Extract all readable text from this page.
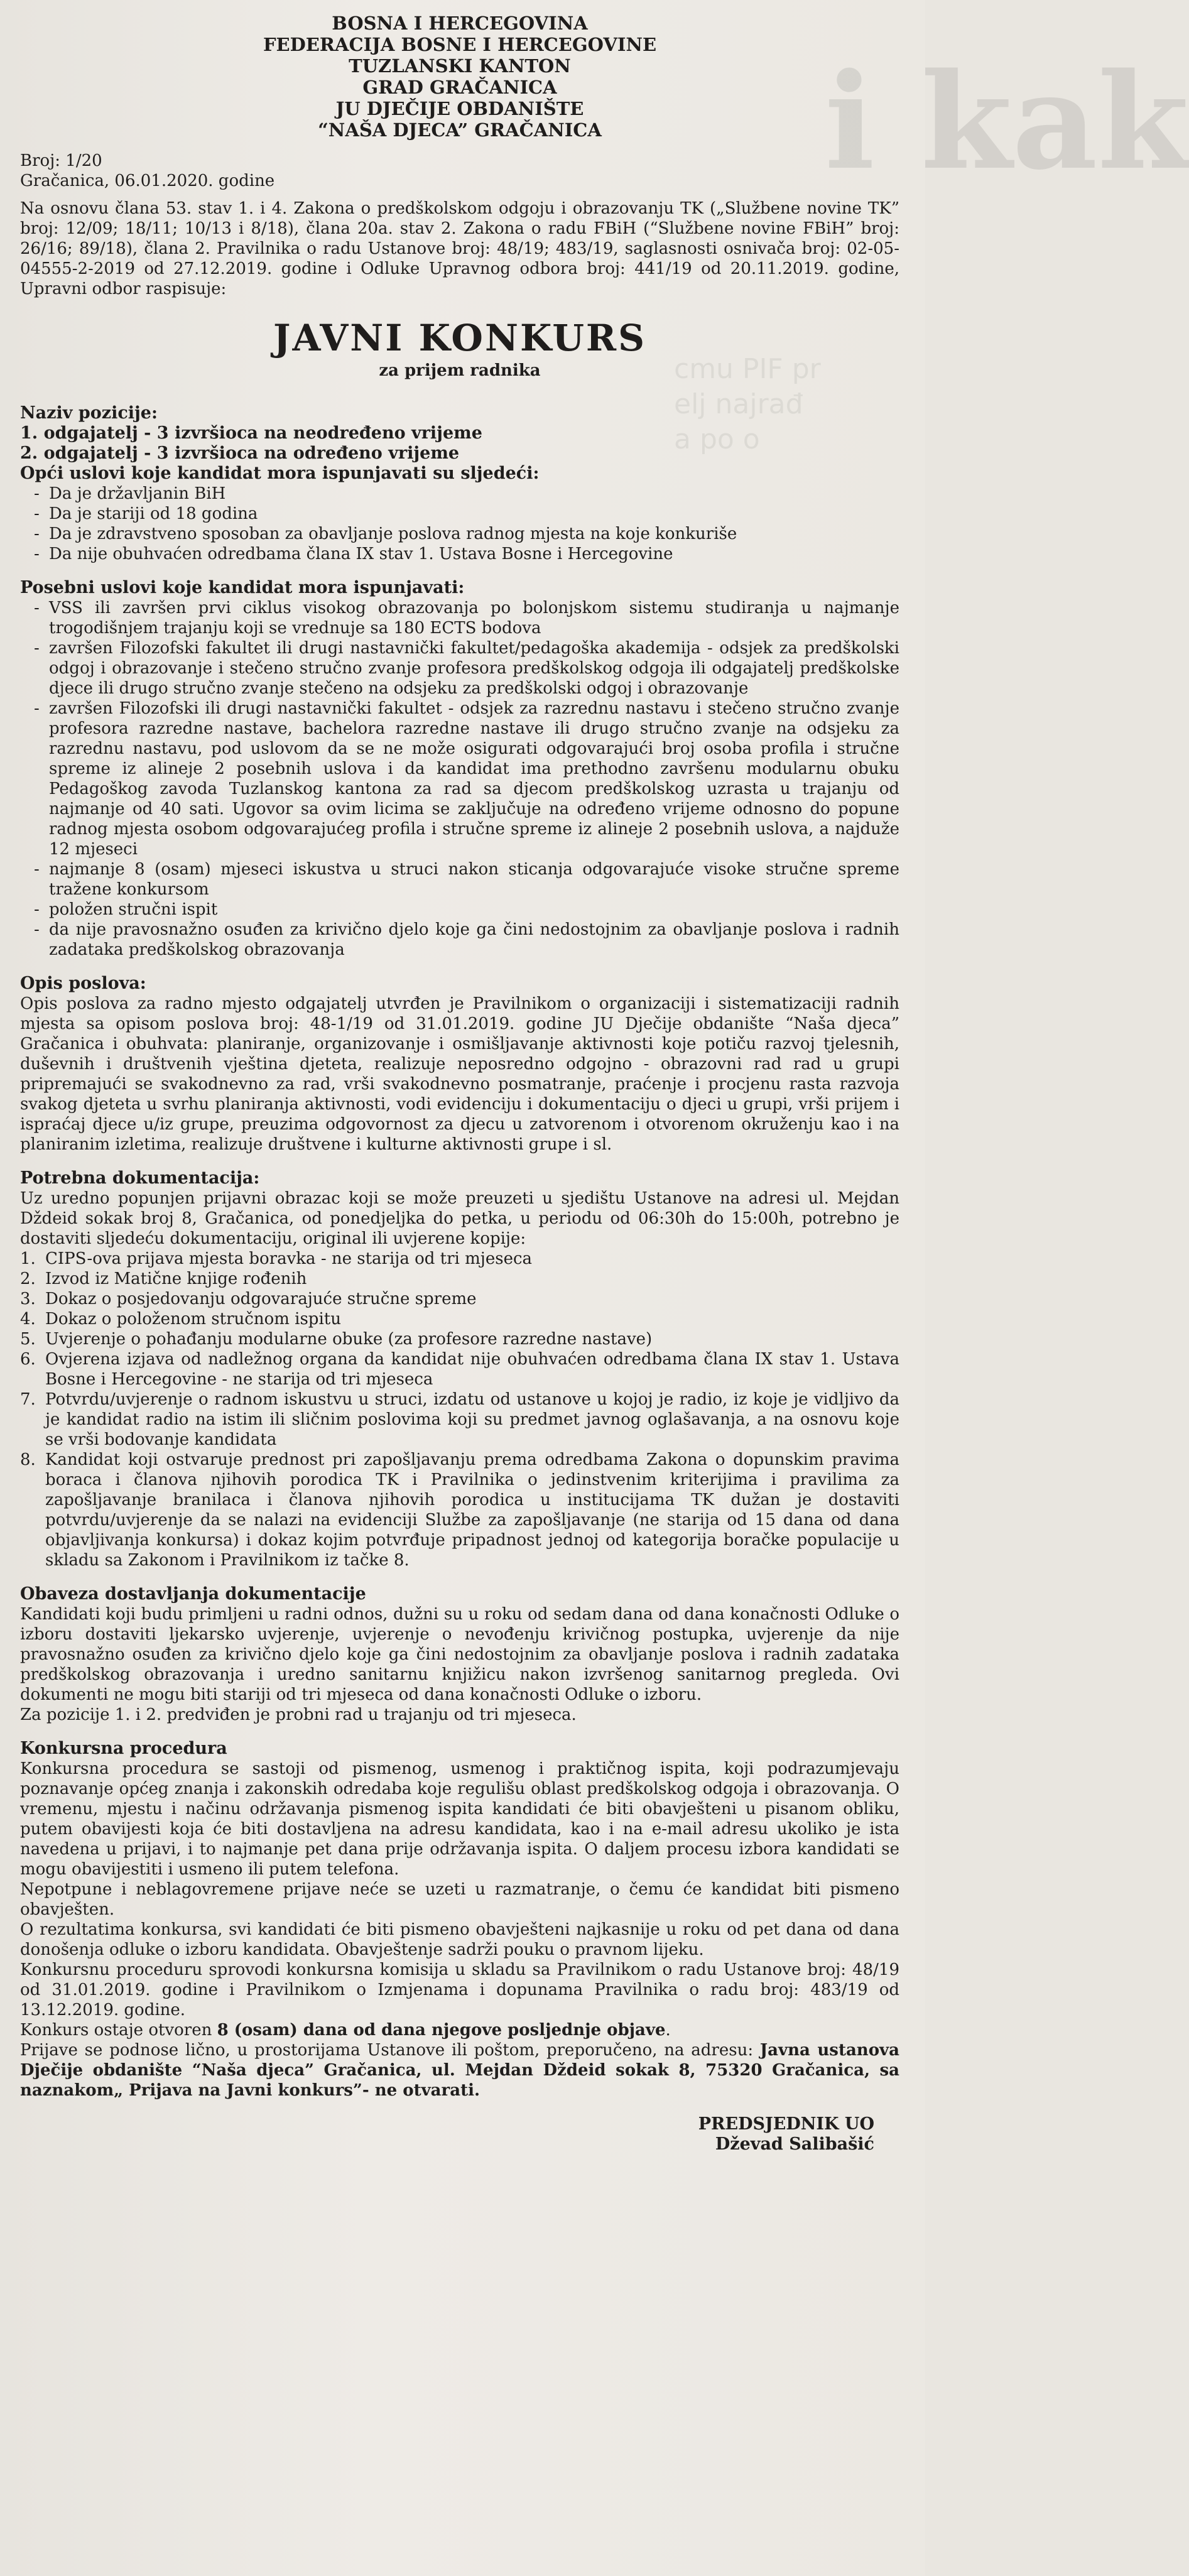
i kak
cmu PIF pr
elj najrađ
a po o
BOSNA I HERCEGOVINA
FEDERACIJA BOSNE I HERCEGOVINE
TUZLANSKI KANTON
GRAD GRAČANICA
JU DJEČIJE OBDANIŠTE
“NAŠA DJECA” GRAČANICA
Broj: 1/20
Gračanica, 06.01.2020. godine

Na osnovu člana 53. stav 1. i 4. Zakona o predškolskom odgoju i obrazovanju TK („Službene novine TK” broj: 12/09; 18/11; 10/13 i 8/18), člana 20a. stav 2. Zakona o radu FBiH (“Službene novine FBiH” broj: 26/16; 89/18), člana 2. Pravilnika o radu Ustanove broj: 48/19; 483/19, saglasnosti osnivača broj: 02-05-04555-2-2019 od 27.12.2019. godine i Odluke Upravnog odbora broj: 441/19 od 20.11.2019. godine, Upravni odbor raspisuje:

JAVNI KONKURS
za prijem radnika
Naziv pozicije:
1. odgajatelj - 3 izvršioca na neodređeno vrijeme
2. odgajatelj - 3 izvršioca na određeno vrijeme
Opći uslovi koje kandidat mora ispunjavati su sljedeći:
- Da je državljanin BiH
- Da je stariji od 18 godina
- Da je zdravstveno sposoban za obavljanje poslova radnog mjesta na koje konkuriše
- Da nije obuhvaćen odredbama člana IX stav 1. Ustava Bosne i Hercegovine
Posebni uslovi koje kandidat mora ispunjavati:
- VSS ili završen prvi ciklus visokog obrazovanja po bolonjskom sistemu studiranja u najmanje trogodišnjem trajanju koji se vrednuje sa 180 ECTS bodova
- završen Filozofski fakultet ili drugi nastavnički fakultet/pedagoška akademija - odsjek za predškolski odgoj i obrazovanje i stečeno stručno zvanje profesora predškolskog odgoja ili odgajatelj predškolske djece ili drugo stručno zvanje stečeno na odsjeku za predškolski odgoj i obrazovanje
- završen Filozofski ili drugi nastavnički fakultet - odsjek za razrednu nastavu i stečeno stručno zvanje profesora razredne nastave, bachelora razredne nastave ili drugo stručno zvanje na odsjeku za razrednu nastavu, pod uslovom da se ne može osigurati odgovarajući broj osoba profila i stručne spreme iz alineje 2 posebnih uslova i da kandidat ima prethodno završenu modularnu obuku Pedagoškog zavoda Tuzlanskog kantona za rad sa djecom predškolskog uzrasta u trajanju od najmanje od 40 sati. Ugovor sa ovim licima se zaključuje na određeno vrijeme odnosno do popune radnog mjesta osobom odgovarajućeg profila i stručne spreme iz alineje 2 posebnih uslova, a najduže 12 mjeseci
- najmanje 8 (osam) mjeseci iskustva u struci nakon sticanja odgovarajuće visoke stručne spreme traženе konkursom
- položen stručni ispit
- da nije pravosnažno osuđen za krivično djelo koje ga čini nedostojnim za obavljanje poslova i radnih zadataka predškolskog obrazovanja
Opis poslova:

Opis poslova za radno mjesto odgajatelj utvrđen je Pravilnikom o organizaciji i sistematizaciji radnih mjesta sa opisom poslova broj: 48-1/19 od 31.01.2019. godine JU Dječije obdanište “Naša djeca” Gračanica i obuhvata: planiranje, organizovanje i osmišljavanje aktivnosti koje potiču razvoj tjelesnih, duševnih i društvenih vještina djeteta, realizuje neposredno odgojno - obrazovni rad rad u grupi pripremajući se svakodnevno za rad, vrši svakodnevno posmatranje, praćenje i procjenu rasta razvoja svakog djeteta u svrhu planiranja aktivnosti, vodi evidenciju i dokumentaciju o djeci u grupi, vrši prijem i ispraćaj djece u/iz grupe, preuzima odgovornost za djecu u zatvorenom i otvorenom okruženju kao i na planiranim izletima, realizuje društvene i kulturne aktivnosti grupe i sl.

Potrebna dokumentacija:

Uz uredno popunjen prijavni obrazac koji se može preuzeti u sjedištu Ustanove na adresi ul. Mejdan Dždeid sokak broj 8, Gračanica, od ponedjeljka do petka, u periodu od 06:30h do 15:00h, potrebno je dostaviti sljedeću dokumentaciju, original ili uvjerene kopije:

1. CIPS-ova prijava mjesta boravka - ne starija od tri mjeseca
2. Izvod iz Matične knjige rođenih
3. Dokaz o posjedovanju odgovarajuće stručne spreme
4. Dokaz o položenom stručnom ispitu
5. Uvjerenje o pohađanju modularne obuke (za profesore razredne nastave)
6. Ovjerena izjava od nadležnog organa da kandidat nije obuhvaćen odredbama člana IX stav 1. Ustava Bosne i Hercegovine - ne starija od tri mjeseca
7. Potvrdu/uvjerenje o radnom iskustvu u struci, izdatu od ustanove u kojoj je radio, iz koje je vidljivo da je kandidat radio na istim ili sličnim poslovima koji su predmet javnog oglašavanja, a na osnovu koje se vrši bodovanje kandidata
8. Kandidat koji ostvaruje prednost pri zapošljavanju prema odredbama Zakona o dopunskim pravima boraca i članova njihovih porodica TK i Pravilnika o jedinstvenim kriterijima i pravilima za zapošljavanje branilaca i članova njihovih porodica u institucijama TK dužan je dostaviti potvrdu/uvjerenje da se nalazi na evidenciji Službe za zapošljavanje (ne starija od 15 dana od dana objavljivanja konkursa) i dokaz kojim potvrđuje pripadnost jednoj od kategorija boračke populacije u skladu sa Zakonom i Pravilnikom iz tačke 8.
Obaveza dostavljanja dokumentacije

Kandidati koji budu primljeni u radni odnos, dužni su u roku od sedam dana od dana konačnosti Odluke o izboru dostaviti ljekarsko uvjerenje, uvjerenje o nevođenju krivičnog postupka, uvjerenje da nije pravosnažno osuđen za krivično djelo koje ga čini nedostojnim za obavljanje poslova i radnih zadataka predškolskog obrazovanja i uredno sanitarnu knjižicu nakon izvršenog sanitarnog pregleda. Ovi dokumenti ne mogu biti stariji od tri mjeseca od dana konačnosti Odluke o izboru.

Za pozicije 1. i 2. predviđen je probni rad u trajanju od tri mjeseca.

Konkursna procedura

Konkursna procedura se sastoji od pismenog, usmenog i praktičnog ispita, koji podrazumjevaju poznavanje općeg znanja i zakonskih odredaba koje regulišu oblast predškolskog odgoja i obrazovanja. O vremenu, mjestu i načinu održavanja pismenog ispita kandidati će biti obavješteni u pisanom obliku, putem obavijesti koja će biti dostavljena na adresu kandidata, kao i na e-mail adresu ukoliko je ista navedena u prijavi, i to najmanje pet dana prije održavanja ispita. O daljem procesu izbora kandidati se mogu obavijestiti i usmeno ili putem telefona.

Nepotpune i neblagovremene prijave neće se uzeti u razmatranje, o čemu će kandidat biti pismeno obavješten.

O rezultatima konkursa, svi kandidati će biti pismeno obavješteni najkasnije u roku od pet dana od dana donošenja odluke o izboru kandidata. Obavještenje sadrži pouku o pravnom lijeku.

Konkursnu proceduru sprovodi konkursna komisija u skladu sa Pravilnikom o radu Ustanove broj: 48/19 od 31.01.2019. godine i Pravilnikom o Izmjenama i dopunama Pravilnika o radu broj: 483/19 od 13.12.2019. godine.

Konkurs ostaje otvoren 8 (osam) dana od dana njegove posljednje objave.

Prijave se podnose lično, u prostorijama Ustanove ili poštom, preporučeno, na adresu: Javna ustanova Dječije obdanište “Naša djeca” Gračanica, ul. Mejdan Dždeid sokak 8, 75320 Gračanica, sa naznakom„ Prijava na Javni konkurs”- ne otvarati.

PREDSJEDNIK UO
Dževad Salibašić
